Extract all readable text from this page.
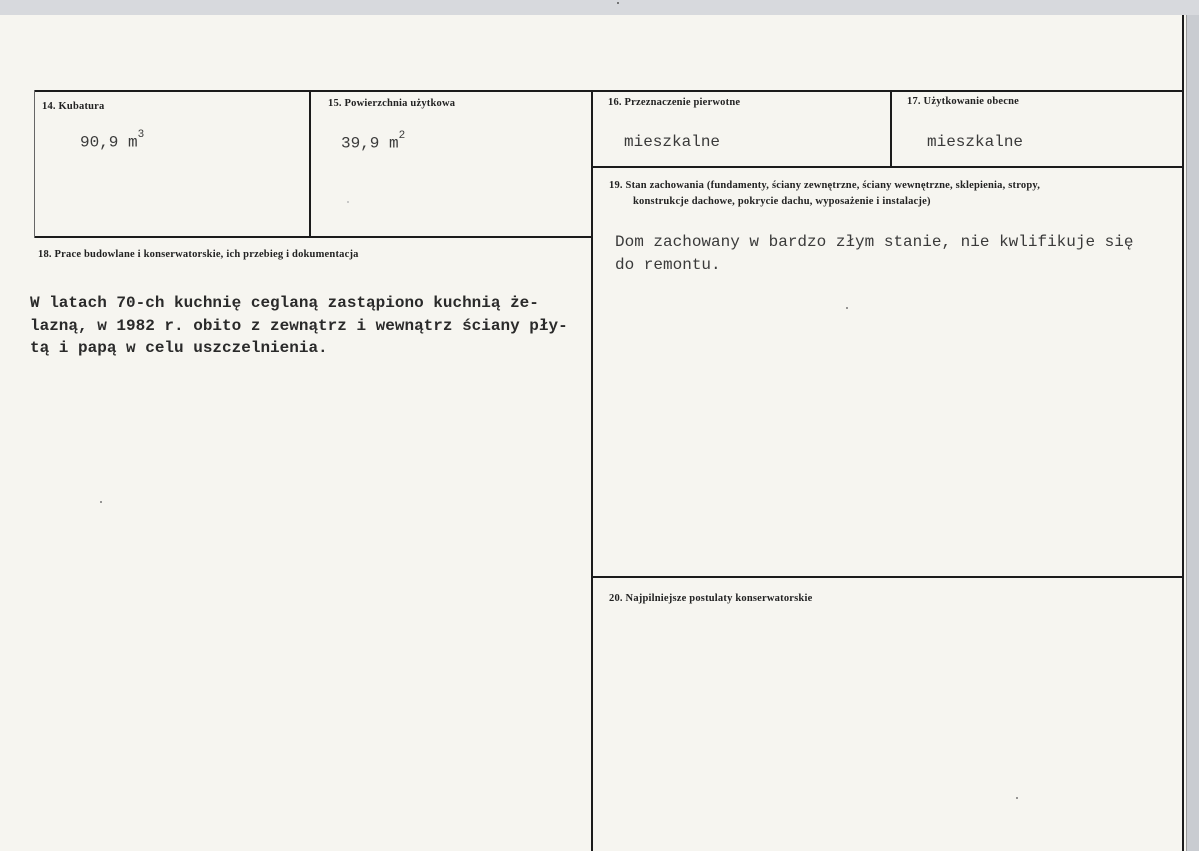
14. Kubatura
90,9 $m^3$
15. Powierzchnia użytkowa
39,9 $m^2$
16. Przeznaczenie pierwotne
mieszkalne
17. Użytkowanie obecne
mieszkalne
18. Prace budowlane i konserwatorskie, ich przebieg i dokumentacja
W latach 70-ch kuchnię ceglaną zastąpiono kuchnią że-
lazną, w 1982 r. obito z zewnątrz i wewnątrz ściany pły-
tą i papą w celu uszczelnienia.
19. Stan zachowania (fundamenty, ściany zewnętrzne, ściany wewnętrzne, sklepienia, stropy,
konstrukcje dachowe, pokrycie dachu, wyposażenie i instalacje)
Dom zachowany w bardzo złym stanie, nie kwlifikuje się
do remontu.
20. Najpilniejsze postulaty konserwatorskie
